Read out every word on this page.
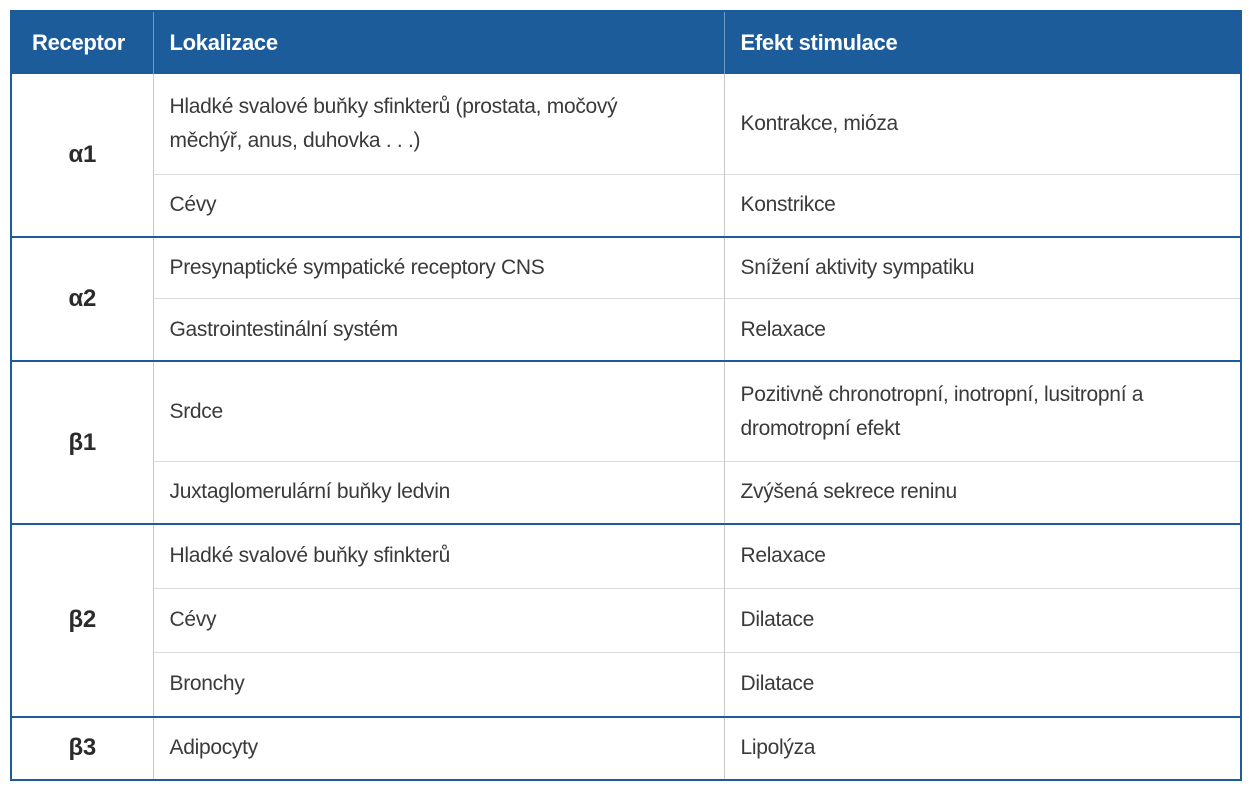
Receptor	Lokalizace	Efekt stimulace
α1	Hladké svalové buňky sfinkterů (prostata, močový měchýř, anus, duhovka . . .)	Kontrakce, mióza
	Cévy	Konstrikce
α2	Presynaptické sympatické receptory CNS	Snížení aktivity sympatiku
	Gastrointestinální systém	Relaxace
β1	Srdce	Pozitivně chronotropní, inotropní, lusitropní a dromotropní efekt
	Juxtaglomerulární buňky ledvin	Zvýšená sekrece reninu
β2	Hladké svalové buňky sfinkterů	Relaxace
	Cévy	Dilatace
	Bronchy	Dilatace
β3	Adipocyty	Lipolýza
